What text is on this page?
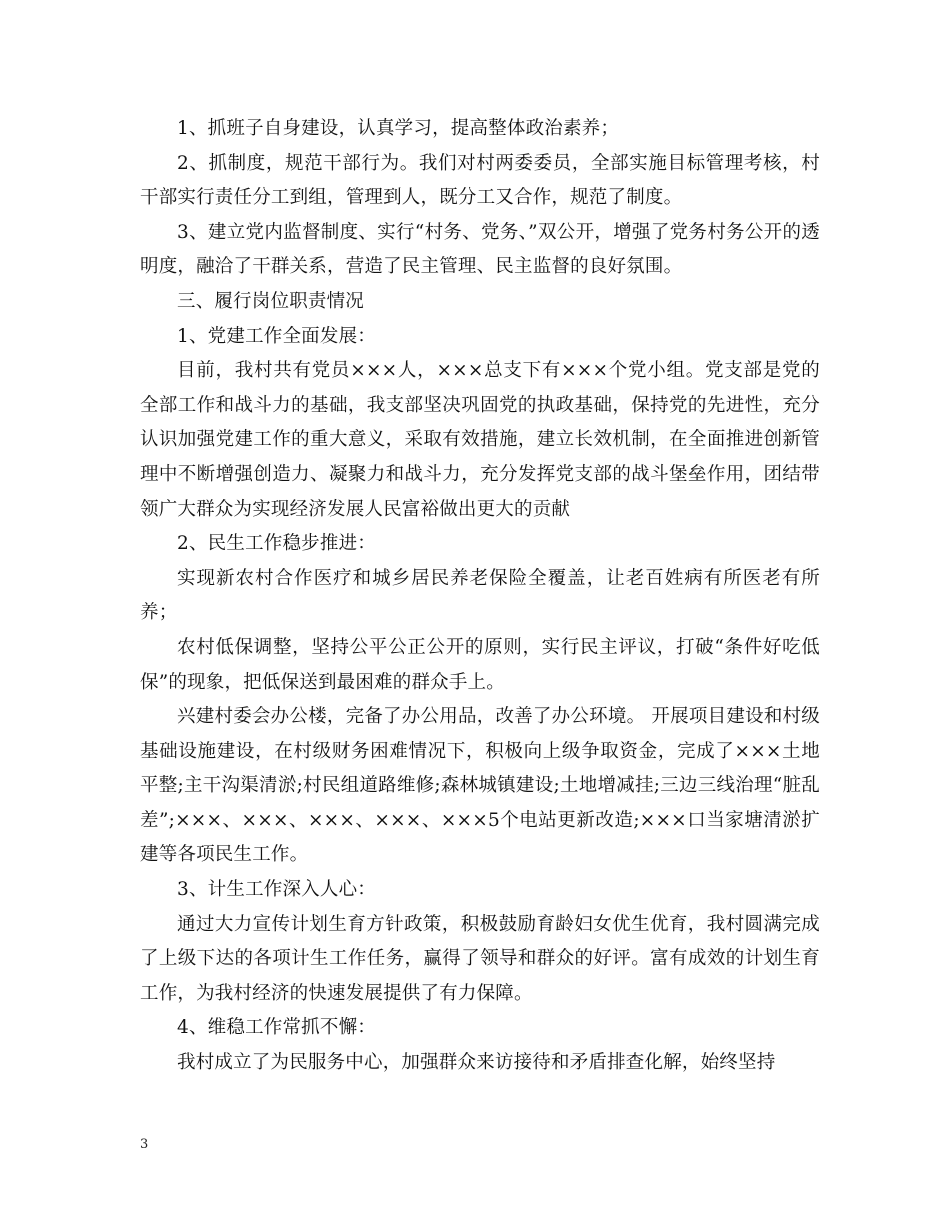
1、抓班子自身建设，认真学习，提高整体政治素养；

2、抓制度，规范干部行为。我们对村两委委员，全部实施目标管理考核，村干部实行责任分工到组，管理到人，既分工又合作，规范了制度。

3、建立党内监督制度、实行“村务、党务、”双公开，增强了党务村务公开的透明度，融洽了干群关系，营造了民主管理、民主监督的良好氛围。

三、履行岗位职责情况

1、党建工作全面发展：

目前，我村共有党员×××人，×××总支下有×××个党小组。党支部是党的全部工作和战斗力的基础，我支部坚决巩固党的执政基础，保持党的先进性，充分认识加强党建工作的重大意义，采取有效措施，建立长效机制，在全面推进创新管理中不断增强创造力、凝聚力和战斗力，充分发挥党支部的战斗堡垒作用，团结带领广大群众为实现经济发展人民富裕做出更大的贡献

2、民生工作稳步推进：

实现新农村合作医疗和城乡居民养老保险全覆盖，让老百姓病有所医老有所养；

农村低保调整，坚持公平公正公开的原则，实行民主评议，打破“条件好吃低保”的现象，把低保送到最困难的群众手上。

兴建村委会办公楼，完备了办公用品，改善了办公环境。 开展项目建设和村级基础设施建设，在村级财务困难情况下，积极向上级争取资金，完成了×××土地平整;主干沟渠清淤;村民组道路维修;森林城镇建设;土地增减挂;三边三线治理“脏乱差”;×××、×××、×××、×××、×××5个电站更新改造;×××口当家塘清淤扩建等各项民生工作。

3、计生工作深入人心：

通过大力宣传计划生育方针政策，积极鼓励育龄妇女优生优育，我村圆满完成了上级下达的各项计生工作任务，赢得了领导和群众的好评。富有成效的计划生育工作，为我村经济的快速发展提供了有力保障。

4、维稳工作常抓不懈：

我村成立了为民服务中心，加强群众来访接待和矛盾排查化解，始终坚持

3
